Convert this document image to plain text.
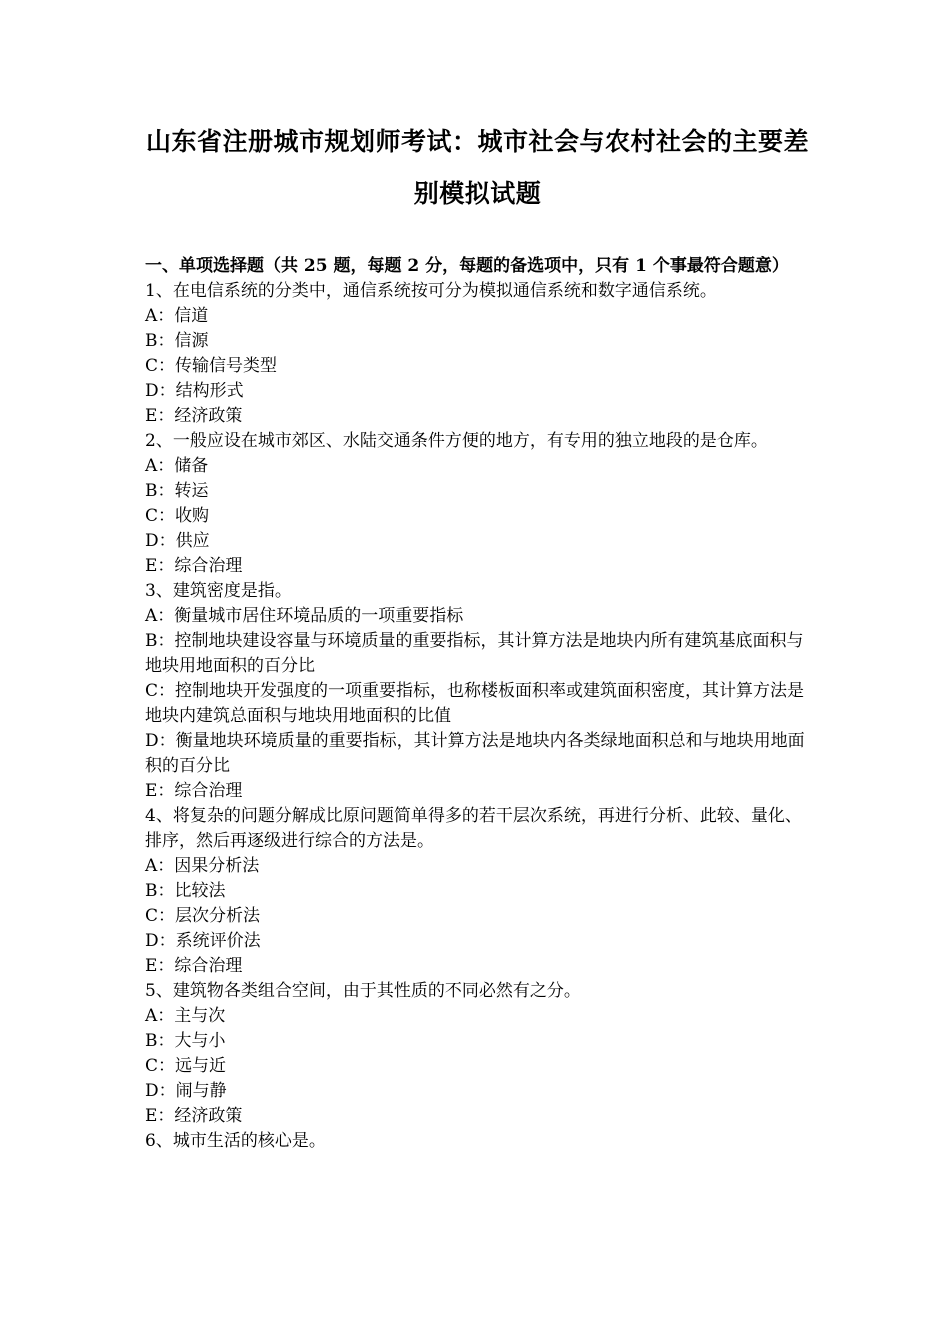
山东省注册城市规划师考试：城市社会与农村社会的主要差
别模拟试题
一、单项选择题（共 25 题，每题 2 分，每题的备选项中，只有 1 个事最符合题意）
1、在电信系统的分类中，通信系统按可分为模拟通信系统和数字通信系统。
A：信道
B：信源
C：传输信号类型
D：结构形式
E：经济政策
2、一般应设在城市郊区、水陆交通条件方便的地方，有专用的独立地段的是仓库。
A：储备
B：转运
C：收购
D：供应
E：综合治理
3、建筑密度是指。
A：衡量城市居住环境品质的一项重要指标
B：控制地块建设容量与环境质量的重要指标，其计算方法是地块内所有建筑基底面积与地块用地面积的百分比
C：控制地块开发强度的一项重要指标，也称楼板面积率或建筑面积密度，其计算方法是地块内建筑总面积与地块用地面积的比值
D：衡量地块环境质量的重要指标，其计算方法是地块内各类绿地面积总和与地块用地面积的百分比
E：综合治理
4、将复杂的问题分解成比原问题简单得多的若干层次系统，再进行分析、此较、量化、排序，然后再逐级进行综合的方法是。
A：因果分析法
B：比较法
C：层次分析法
D：系统评价法
E：综合治理
5、建筑物各类组合空间，由于其性质的不同必然有之分。
A：主与次
B：大与小
C：远与近
D：闹与静
E：经济政策
6、城市生活的核心是。
